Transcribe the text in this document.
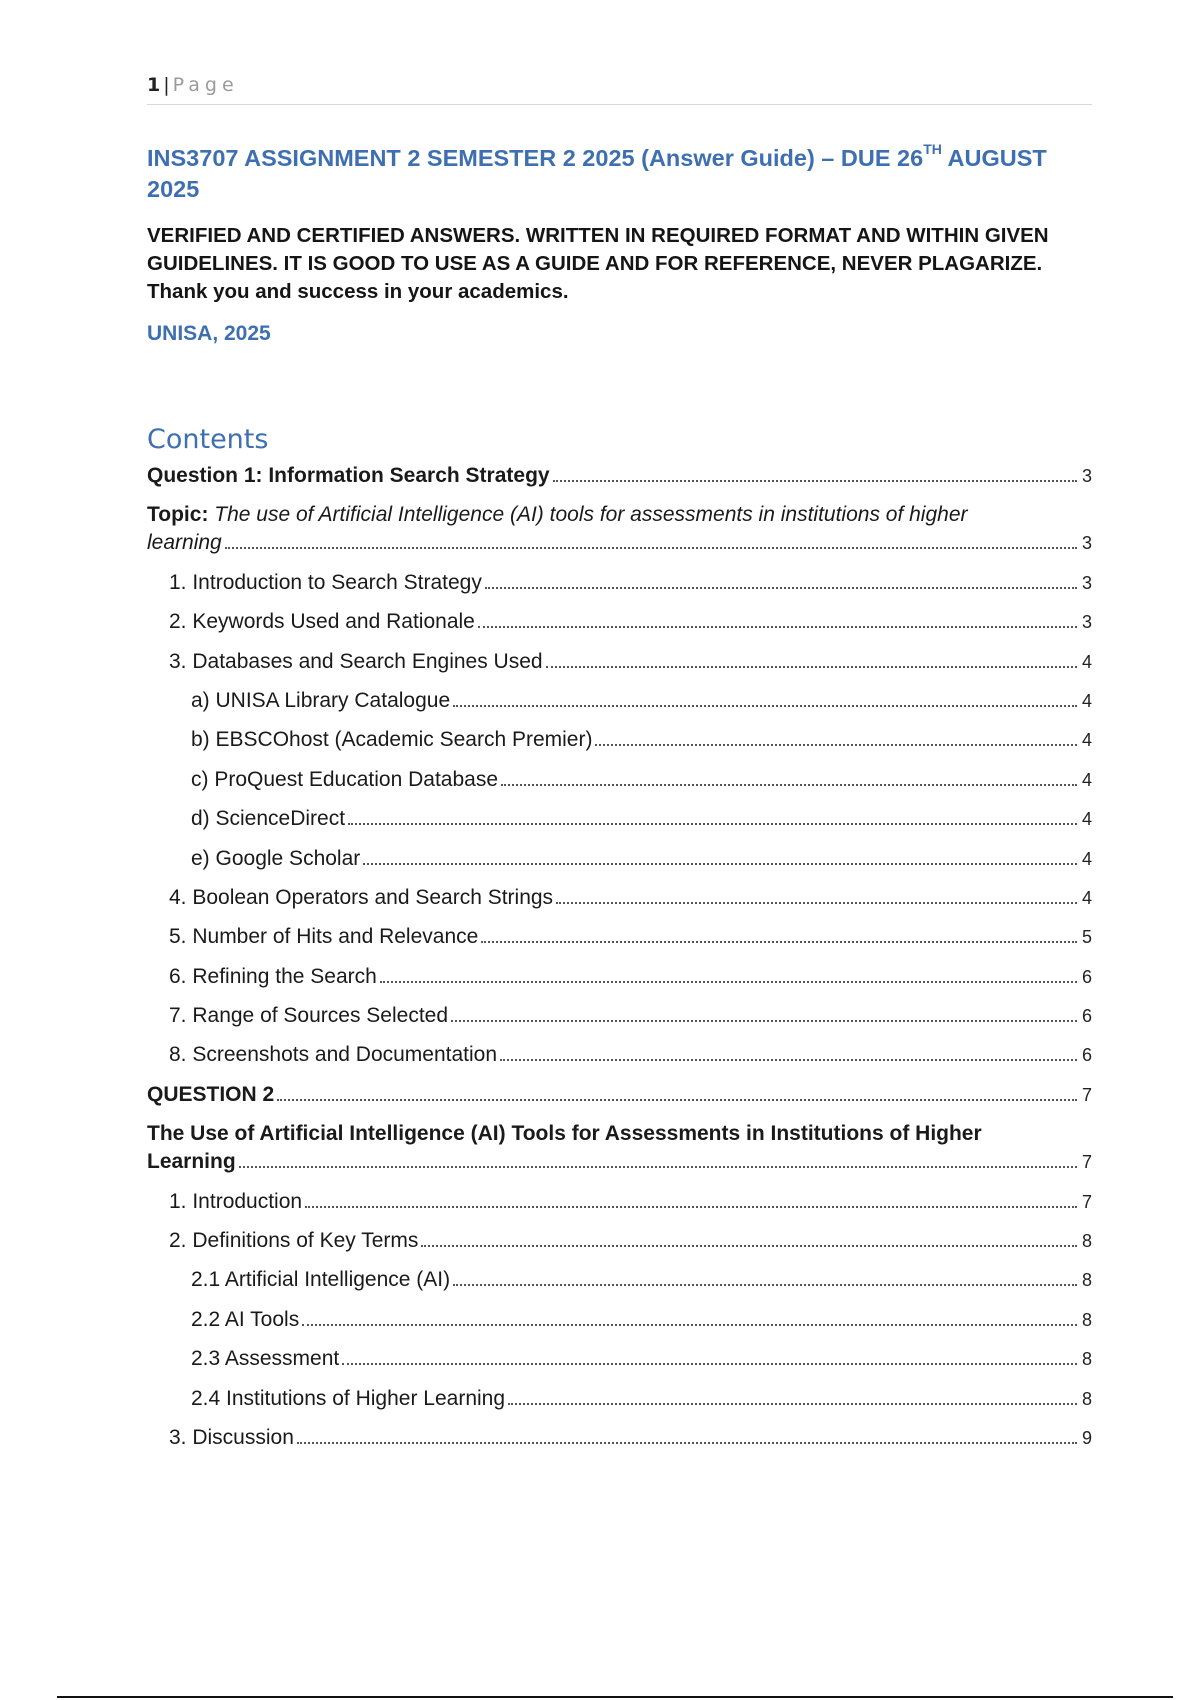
1 | Page
INS3707 ASSIGNMENT 2 SEMESTER 2 2025 (Answer Guide) – DUE 26TH AUGUST
2025
VERIFIED AND CERTIFIED ANSWERS. WRITTEN IN REQUIRED FORMAT AND WITHIN GIVEN GUIDELINES. IT IS GOOD TO USE AS A GUIDE AND FOR REFERENCE, NEVER PLAGARIZE. Thank you and success in your academics.
UNISA, 2025
Contents
Question 1: Information Search Strategy	3
Topic: The use of Artificial Intelligence (AI) tools for assessments in institutions of higher
learning	3
1. Introduction to Search Strategy	3
2. Keywords Used and Rationale	3
3. Databases and Search Engines Used	4
a) UNISA Library Catalogue	4
b) EBSCOhost (Academic Search Premier)	4
c) ProQuest Education Database	4
d) ScienceDirect	4
e) Google Scholar	4
4. Boolean Operators and Search Strings	4
5. Number of Hits and Relevance	5
6. Refining the Search	6
7. Range of Sources Selected	6
8. Screenshots and Documentation	6
QUESTION 2	7
The Use of Artificial Intelligence (AI) Tools for Assessments in Institutions of Higher
Learning	7
1. Introduction	7
2. Definitions of Key Terms	8
2.1 Artificial Intelligence (AI)	8
2.2 AI Tools	8
2.3 Assessment	8
2.4 Institutions of Higher Learning	8
3. Discussion	9
